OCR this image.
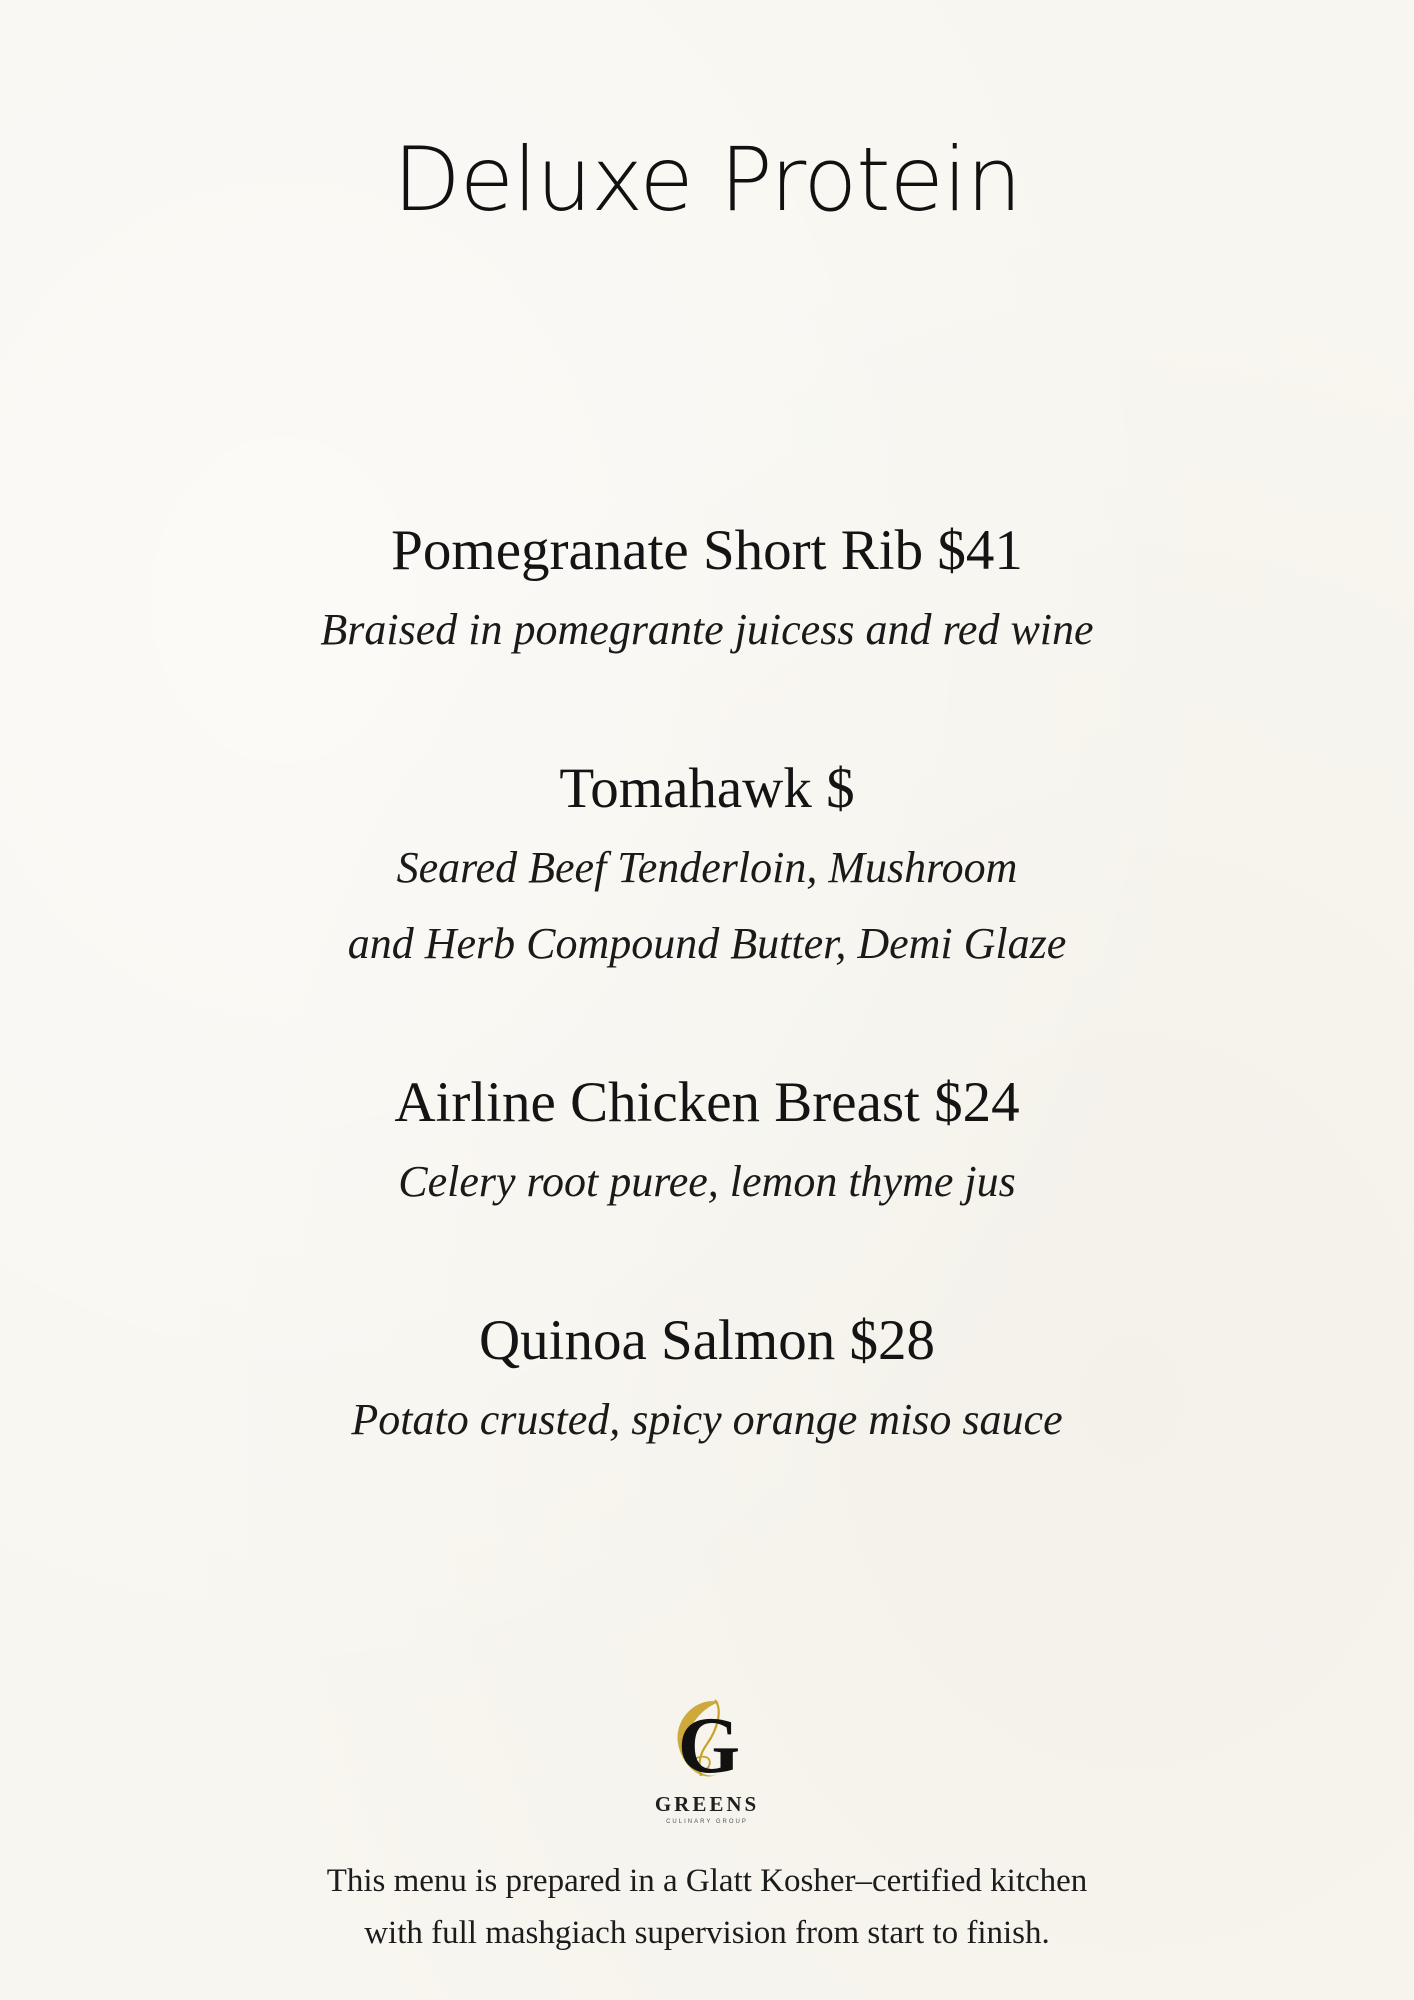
Deluxe Protein
Pomegranate Short Rib $41
Braised in pomegrante juicess and red wine
Tomahawk $
Seared Beef Tenderloin, Mushroom
and Herb Compound Butter, Demi Glaze
Airline Chicken Breast $24
Celery root puree, lemon thyme jus
Quinoa Salmon $28
Potato crusted, spicy orange miso sauce
G
GREENS
CULINARY GROUP
This menu is prepared in a Glatt Kosher–certified kitchen
with full mashgiach supervision from start to finish.
